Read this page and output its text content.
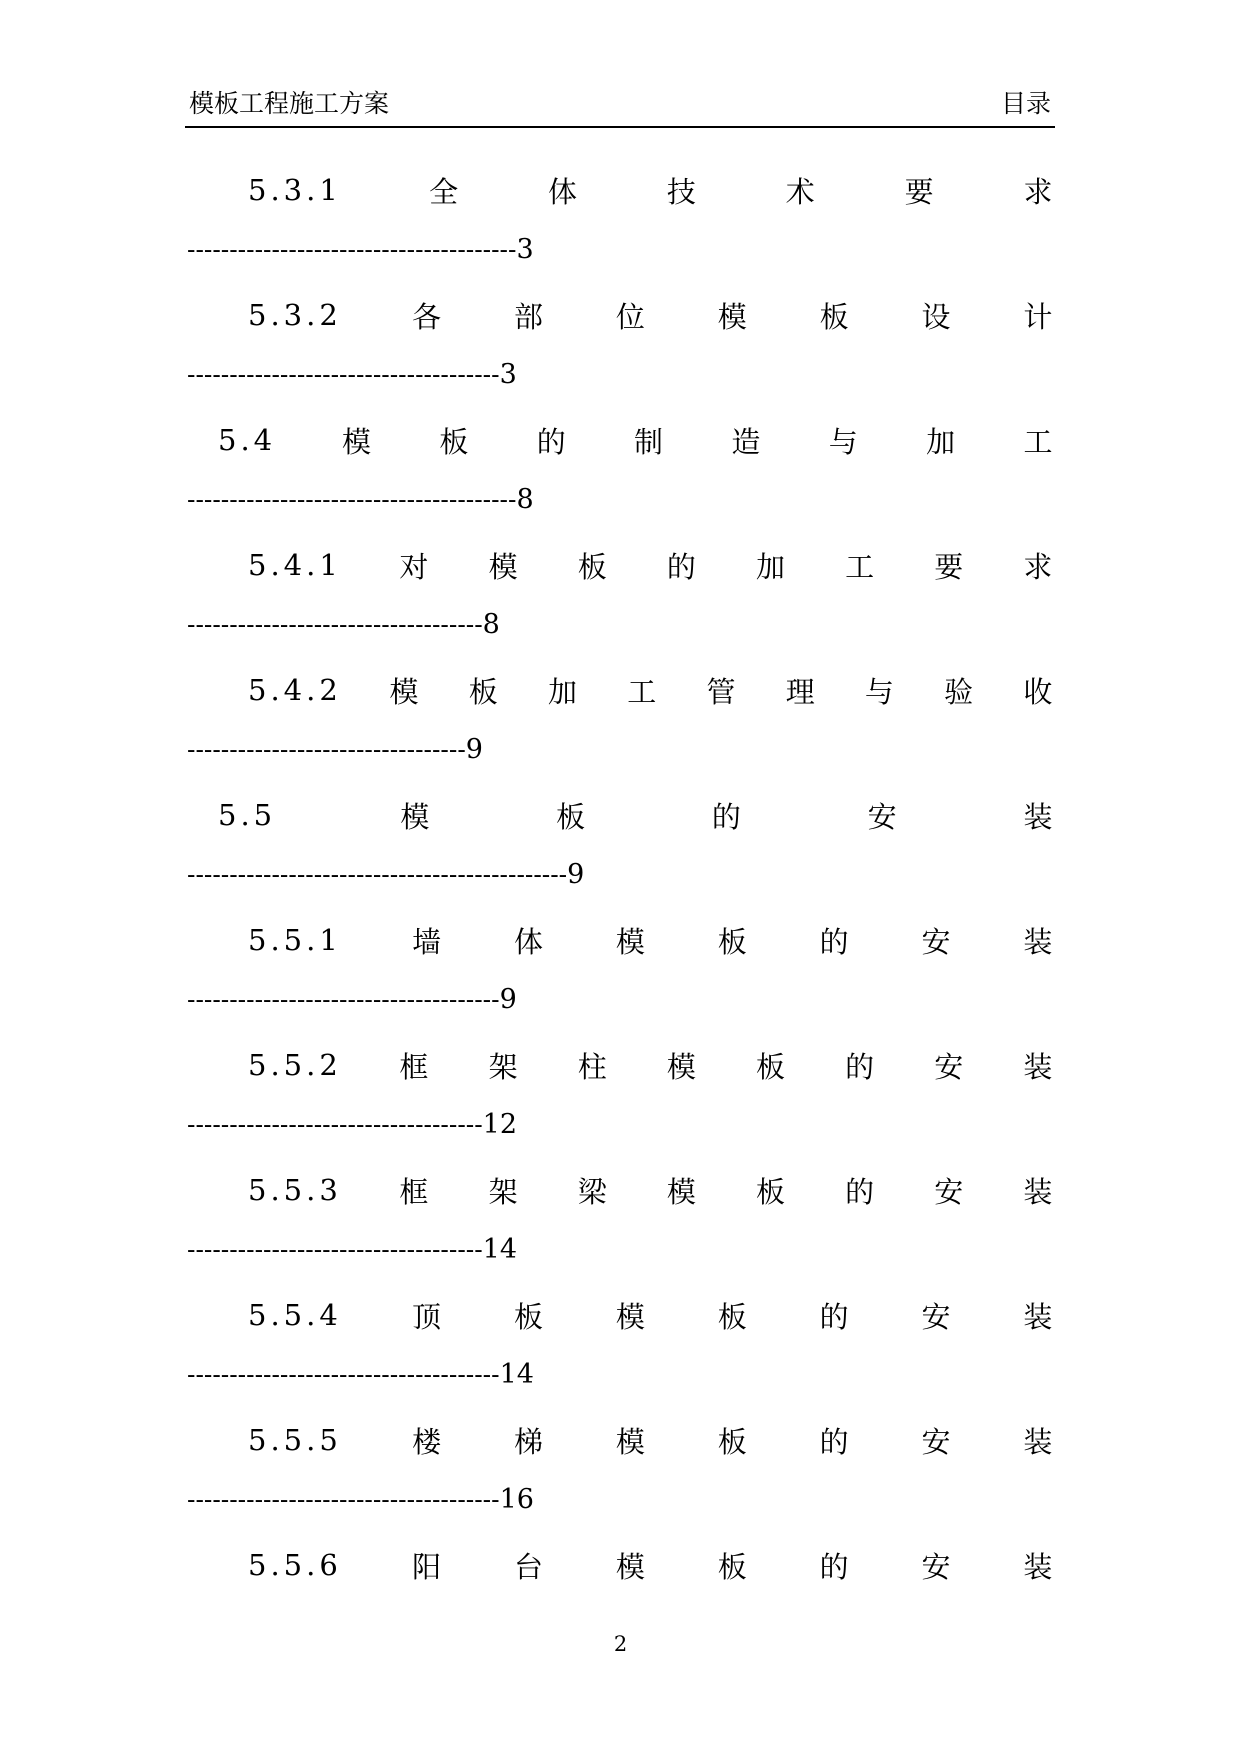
模板工程施工方案	目录
5.3.1	全	体	技	术	要	求
--------------------------------------- 3
5.3.2 各	部	位	模	板	设	计
------------------------------------- 3
5.4 模 板 的 制 造 与 加 工
--------------------------------------- 8
5.4.1 对 模 板 的 加 工 要 求
----------------------------------- 8
5.4.2 模 板 加 工 管 理 与 验 收
--------------------------------- 9
5.5	模	板	的	安	装
--------------------------------------------- 9
5.5.1 墙	体	模	板	的	安	装
------------------------------------- 9
5.5.2 框 架 柱 模 板 的 安 装
----------------------------------- 12
5.5.3 框 架 梁 模 板 的 安 装
----------------------------------- 14
5.5.4 顶	板	模	板	的	安	装
------------------------------------- 14
5.5.5 楼	梯	模	板	的	安	装
------------------------------------- 16
5.5.6 阳	台	模	板	的	安	装
2
